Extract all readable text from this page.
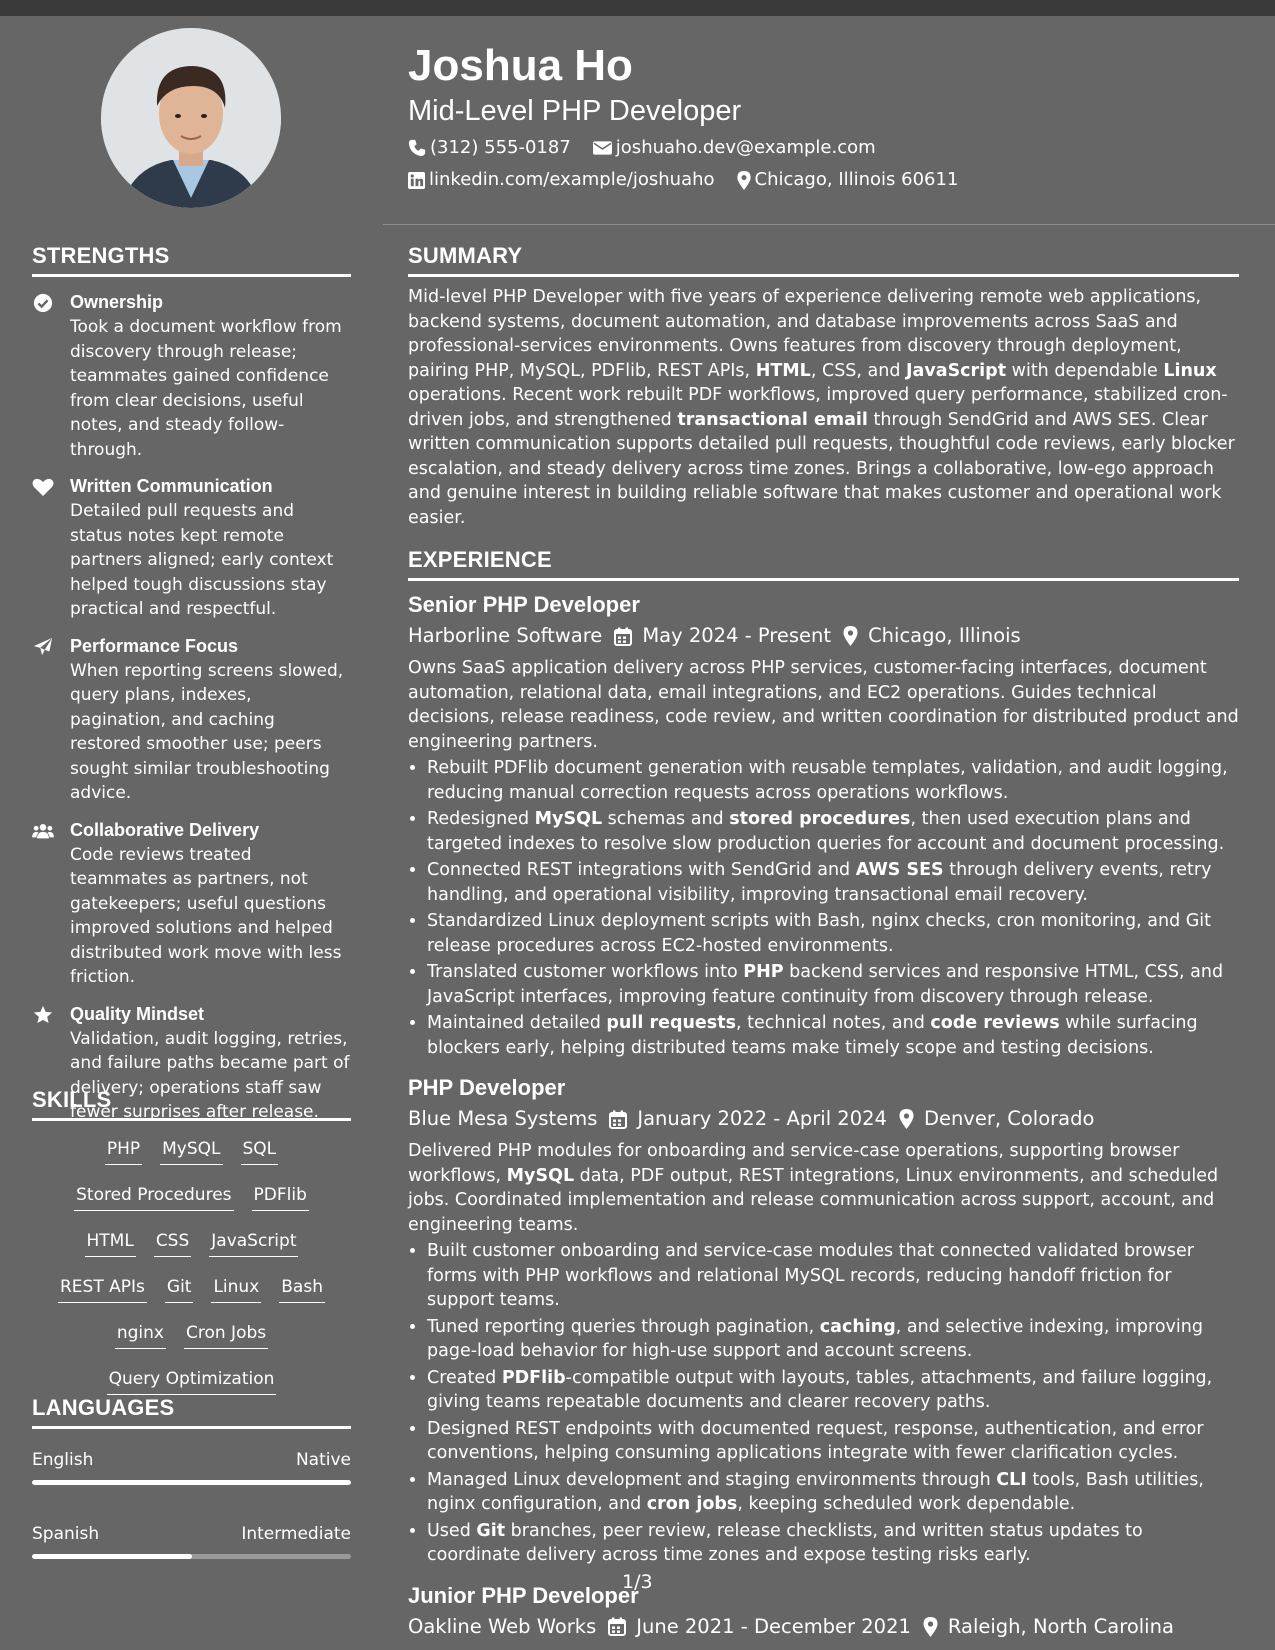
Joshua Ho
Mid-Level PHP Developer
(312) 555-0187	joshuaho.dev@example.com
linkedin.com/example/joshuaho Chicago, Illinois 60611
STRENGTHS
Ownership
Took a document workflow from discovery through release; teammates gained confidence from clear decisions, useful notes, and steady follow-through.
Written Communication
Detailed pull requests and status notes kept remote partners aligned; early context helped tough discussions stay practical and respectful.
Performance Focus
When reporting screens slowed, query plans, indexes, pagination, and caching restored smoother use; peers sought similar troubleshooting advice.
Collaborative Delivery
Code reviews treated teammates as partners, not gatekeepers; useful questions improved solutions and helped distributed work move with less friction.
Quality Mindset
Validation, audit logging, retries, and failure paths became part of delivery; operations staff saw fewer surprises after release.
SKILLS
PHP MySQL SQL
Stored Procedures PDFlib
HTML CSS JavaScript
REST APIs Git Linux Bash
nginx Cron Jobs
Query Optimization
LANGUAGES
English	Native
Spanish	Intermediate
SUMMARY
Mid-level PHP Developer with five years of experience delivering remote web applications, backend systems, document automation, and database improvements across SaaS and professional-services environments. Owns features from discovery through deployment, pairing PHP, MySQL, PDFlib, REST APIs, HTML, CSS, and JavaScript with dependable Linux operations. Recent work rebuilt PDF workflows, improved query performance, stabilized cron-driven jobs, and strengthened transactional email through SendGrid and AWS SES. Clear written communication supports detailed pull requests, thoughtful code reviews, early blocker escalation, and steady delivery across time zones. Brings a collaborative, low-ego approach and genuine interest in building reliable software that makes customer and operational work easier.
EXPERIENCE
Senior PHP Developer
Harborline Software May 2024 - Present Chicago, Illinois
Owns SaaS application delivery across PHP services, customer-facing interfaces, document automation, relational data, email integrations, and EC2 operations. Guides technical decisions, release readiness, code review, and written coordination for distributed product and engineering partners.
• Rebuilt PDFlib document generation with reusable templates, validation, and audit logging, reducing manual correction requests across operations workflows.
• Redesigned MySQL schemas and stored procedures, then used execution plans and targeted indexes to resolve slow production queries for account and document processing.
• Connected REST integrations with SendGrid and AWS SES through delivery events, retry handling, and operational visibility, improving transactional email recovery.
• Standardized Linux deployment scripts with Bash, nginx checks, cron monitoring, and Git release procedures across EC2-hosted environments.
• Translated customer workflows into PHP backend services and responsive HTML, CSS, and JavaScript interfaces, improving feature continuity from discovery through release.
• Maintained detailed pull requests, technical notes, and code reviews while surfacing blockers early, helping distributed teams make timely scope and testing decisions.
PHP Developer
Blue Mesa Systems January 2022 - April 2024 Denver, Colorado
Delivered PHP modules for onboarding and service-case operations, supporting browser workflows, MySQL data, PDF output, REST integrations, Linux environments, and scheduled jobs. Coordinated implementation and release communication across support, account, and engineering teams.
• Built customer onboarding and service-case modules that connected validated browser forms with PHP workflows and relational MySQL records, reducing handoff friction for support teams.
• Tuned reporting queries through pagination, caching, and selective indexing, improving page-load behavior for high-use support and account screens.
• Created PDFlib-compatible output with layouts, tables, attachments, and failure logging, giving teams repeatable documents and clearer recovery paths.
• Designed REST endpoints with documented request, response, authentication, and error conventions, helping consuming applications integrate with fewer clarification cycles.
• Managed Linux development and staging environments through CLI tools, Bash utilities, nginx configuration, and cron jobs, keeping scheduled work dependable.
• Used Git branches, peer review, release checklists, and written status updates to coordinate delivery across time zones and expose testing risks early.
Junior PHP Developer
Oakline Web Works June 2021 - December 2021 Raleigh, North Carolina
1/3
